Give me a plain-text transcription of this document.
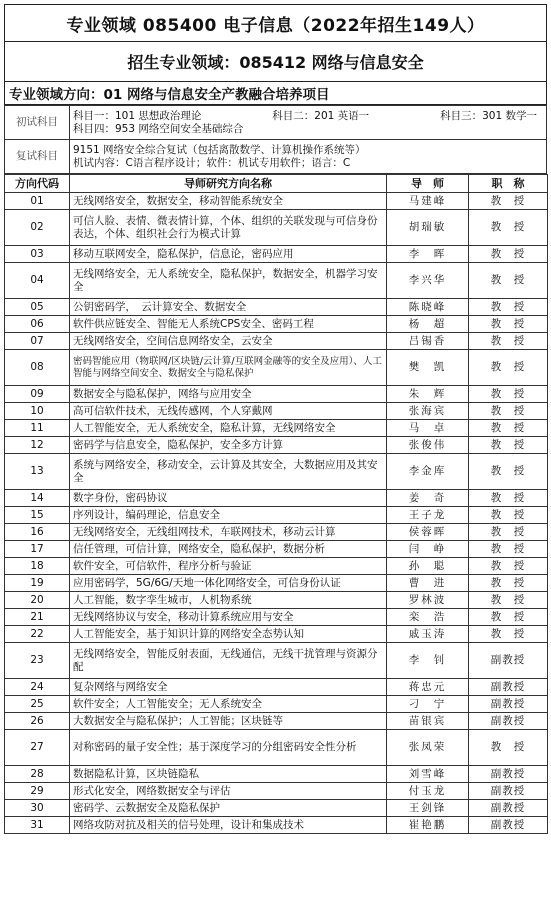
专业领域 085400 电子信息（2022年招生149人）
招生专业领域：085412 网络与信息安全
专业领域方向：01 网络与信息安全产教融合培养项目
初试科目	科目一：101 思想政治理论 科目二：201 英语一 科目三：301 数学一
科目四：953 网络空间安全基础综合

复试科目	9151 网络安全综合复试（包括离散数学、计算机操作系统等）
机试内容：C语言程序设计；软件：机试专用软件；语言：C
方向代码	导师研究方向名称	导　师	职　称
01	无线网络安全，数据安全，移动智能系统安全	马建峰	教　授
02	可信人脸、表情、微表情计算，个体、组织的关联发现与可信身份表达，个体、组织社会行为模式计算	胡瑞敏	教　授
03	移动互联网安全，隐私保护，信息论，密码应用	李　晖	教　授
04	无线网络安全，无人系统安全，隐私保护，数据安全，机器学习安全	李兴华	教　授
05	公钥密码学，　云计算安全、数据安全	陈晓峰	教　授
06	软件供应链安全、智能无人系统CPS安全、密码工程	杨　超	教　授
07	无线网络安全，空间信息网络安全，云安全	吕锡香	教　授
08	密码智能应用（物联网/区块链/云计算/互联网金融等的安全及应用）、人工智能与网络空间安全、数据安全与隐私保护	樊　凯	教　授
09	数据安全与隐私保护，网络与应用安全	朱　辉	教　授
10	高可信软件技术，无线传感网，个人穿戴网	张海宾	教　授
11	人工智能安全，无人系统安全，隐私计算，无线网络安全	马　卓	教　授
12	密码学与信息安全，隐私保护，安全多方计算	张俊伟	教　授
13	系统与网络安全，移动安全，云计算及其安全，大数据应用及其安全	李金库	教　授
14	数字身份，密码协议	姜　奇	教　授
15	序列设计，编码理论，信息安全	王子龙	教　授
16	无线网络安全，无线组网技术，车联网技术，移动云计算	侯蓉晖	教　授
17	信任管理，可信计算，网络安全，隐私保护，数据分析	闫　峥	教　授
18	软件安全，可信软件，程序分析与验证	孙　聪	教　授
19	应用密码学，5G/6G/天地一体化网络安全，可信身份认证	曹　进	教　授
20	人工智能，数字孪生城市，人机物系统	罗林波	教　授
21	无线网络协议与安全，移动计算系统应用与安全	栾　浩	教　授
22	人工智能安全，基于知识计算的网络安全态势认知	戚玉涛	教　授
23	无线网络安全，智能反射表面，无线通信，无线干扰管理与资源分配	李　钊	副教授
24	复杂网络与网络安全	蒋忠元	副教授
25	软件安全；人工智能安全；无人系统安全	刁　宁	副教授
26	大数据安全与隐私保护；人工智能；区块链等	苗银宾	副教授
27	对称密码的量子安全性；基于深度学习的分组密码安全性分析	张凤荣	教　授
28	数据隐私计算，区块链隐私	刘雪峰	副教授
29	形式化安全，网络数据安全与评估	付玉龙	副教授
30	密码学、云数据安全及隐私保护	王剑锋	副教授
31	网络攻防对抗及相关的信号处理，设计和集成技术	崔艳鹏	副教授
